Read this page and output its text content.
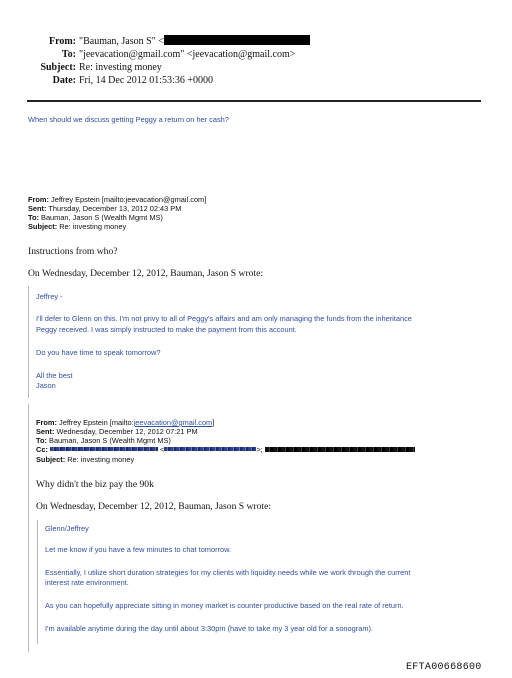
From: "Bauman, Jason S" <
To: "jeevacation@gmail.com" <jeevacation@gmail.com>
Subject: Re: investing money
Date: Fri, 14 Dec 2012 01:53:36 +0000
When should we discuss getting Peggy a return on her cash?
From: Jeffrey Epstein [mailto:jeevacation@gmail.com]
Sent: Thursday, December 13, 2012 02:43 PM
To: Bauman, Jason S (Wealth Mgmt MS)
Subject: Re: investing money
Instructions from who?
On Wednesday, December 12, 2012, Bauman, Jason S wrote:
Jeffrey -
I'll defer to Glenn on this. I'm not privy to all of Peggy's affairs and am only managing the funds from the inheritance
Peggy received. I was simply instructed to make the payment from this account.
Do you have time to speak tomorrow?
All the best
Jason
From: Jeffrey Epstein [mailto:jeevacation@gmail.com]
Sent: Wednesday, December 12, 2012 07:21 PM
To: Bauman, Jason S (Wealth Mgmt MS)
Cc:	<	>;
Subject: Re: investing money
Why didn't the biz pay the 90k
On Wednesday, December 12, 2012, Bauman, Jason S wrote:
Glenn/Jeffrey
Let me know if you have a few minutes to chat tomorrow.
Essentially, I utilize short duration strategies for my clients with liquidity needs while we work through the current
interest rate environment.
As you can hopefully appreciate sitting in money market is counter productive based on the real rate of return.
I'm available anytime during the day until about 3:30pm (have to take my 3 year old for a sonogram).
EFTA00668600
